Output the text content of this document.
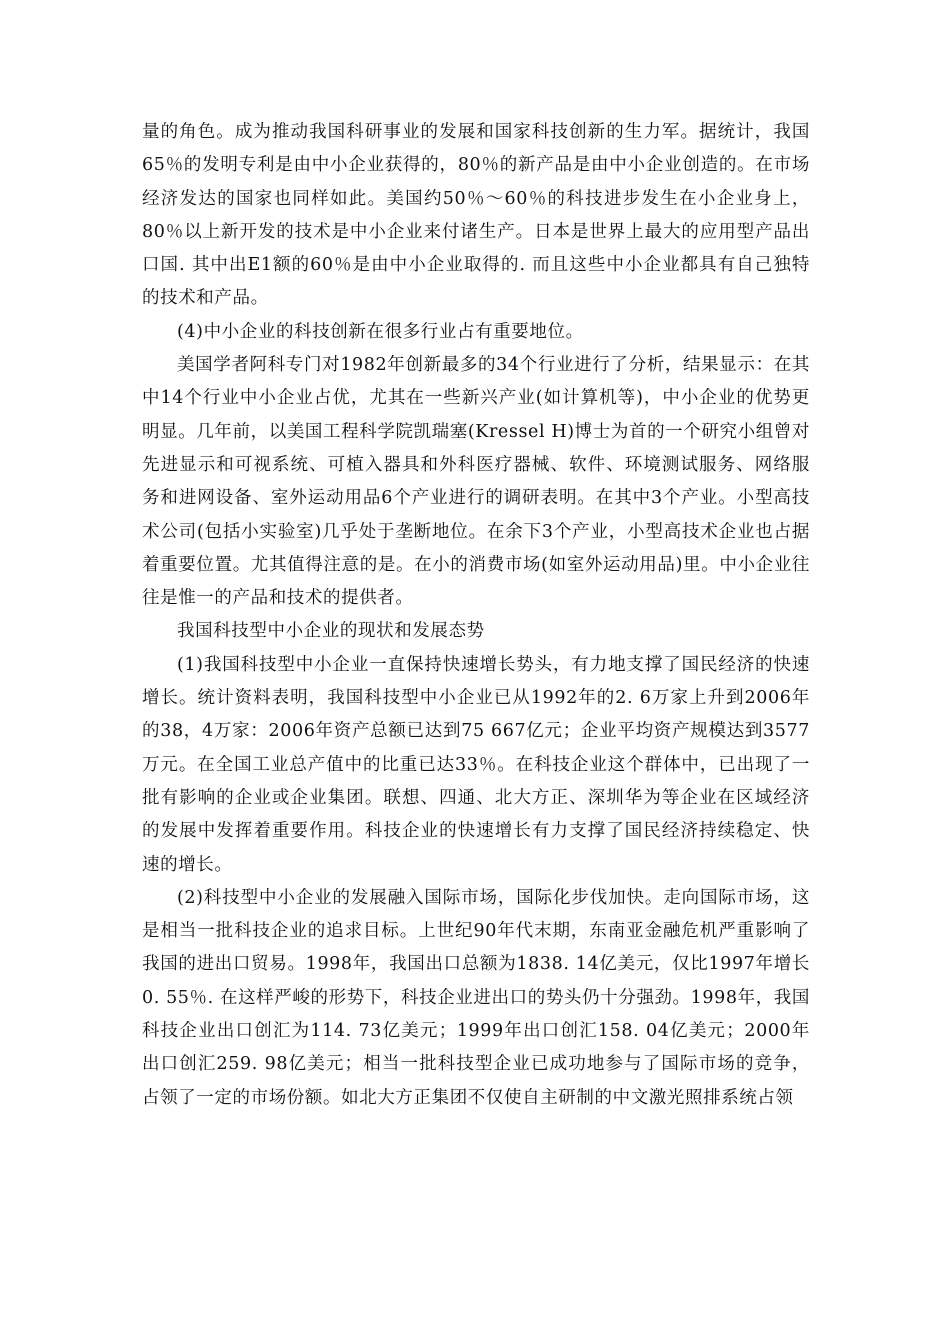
量的角色。成为推动我国科研事业的发展和国家科技创新的生力军。据统计，我国65％的发明专利是由中小企业获得的，80％的新产品是由中小企业创造的。在市场经济发达的国家也同样如此。美国约50％～60％的科技进步发生在小企业身上，80％以上新开发的技术是中小企业来付诸生产。日本是世界上最大的应用型产品出口国. 其中出E1额的60％是由中小企业取得的. 而且这些中小企业都具有自己独特的技术和产品。

(4)中小企业的科技创新在很多行业占有重要地位。

美国学者阿科专门对1982年创新最多的34个行业进行了分析，结果显示：在其中14个行业中小企业占优，尤其在一些新兴产业(如计算机等)，中小企业的优势更明显。几年前，以美国工程科学院凯瑞塞(Kressel H)博士为首的一个研究小组曾对先进显示和可视系统、可植入器具和外科医疗器械、软件、环境测试服务、网络服务和进网设备、室外运动用品6个产业进行的调研表明。在其中3个产业。小型高技术公司(包括小实验室)几乎处于垄断地位。在余下3个产业，小型高技术企业也占据着重要位置。尤其值得注意的是。在小的消费市场(如室外运动用品)里。中小企业往往是惟一的产品和技术的提供者。

我国科技型中小企业的现状和发展态势

(1)我国科技型中小企业一直保持快速增长势头，有力地支撑了国民经济的快速增长。统计资料表明，我国科技型中小企业已从1992年的2. 6万家上升到2006年的38，4万家：2006年资产总额已达到75 667亿元；企业平均资产规模达到3577万元。在全国工业总产值中的比重已达33％。在科技企业这个群体中，已出现了一批有影响的企业或企业集团。联想、四通、北大方正、深圳华为等企业在区域经济的发展中发挥着重要作用。科技企业的快速增长有力支撑了国民经济持续稳定、快速的增长。

(2)科技型中小企业的发展融入国际市场，国际化步伐加快。走向国际市场，这是相当一批科技企业的追求目标。上世纪90年代末期，东南亚金融危机严重影响了我国的进出口贸易。1998年，我国出口总额为1838. 14亿美元，仅比1997年增长0. 55％. 在这样严峻的形势下，科技企业进出口的势头仍十分强劲。1998年，我国科技企业出口创汇为114. 73亿美元；1999年出口创汇158. 04亿美元；2000年出口创汇259. 98亿美元；相当一批科技型企业已成功地参与了国际市场的竞争，占领了一定的市场份额。如北大方正集团不仅使自主研制的中文激光照排系统占领
